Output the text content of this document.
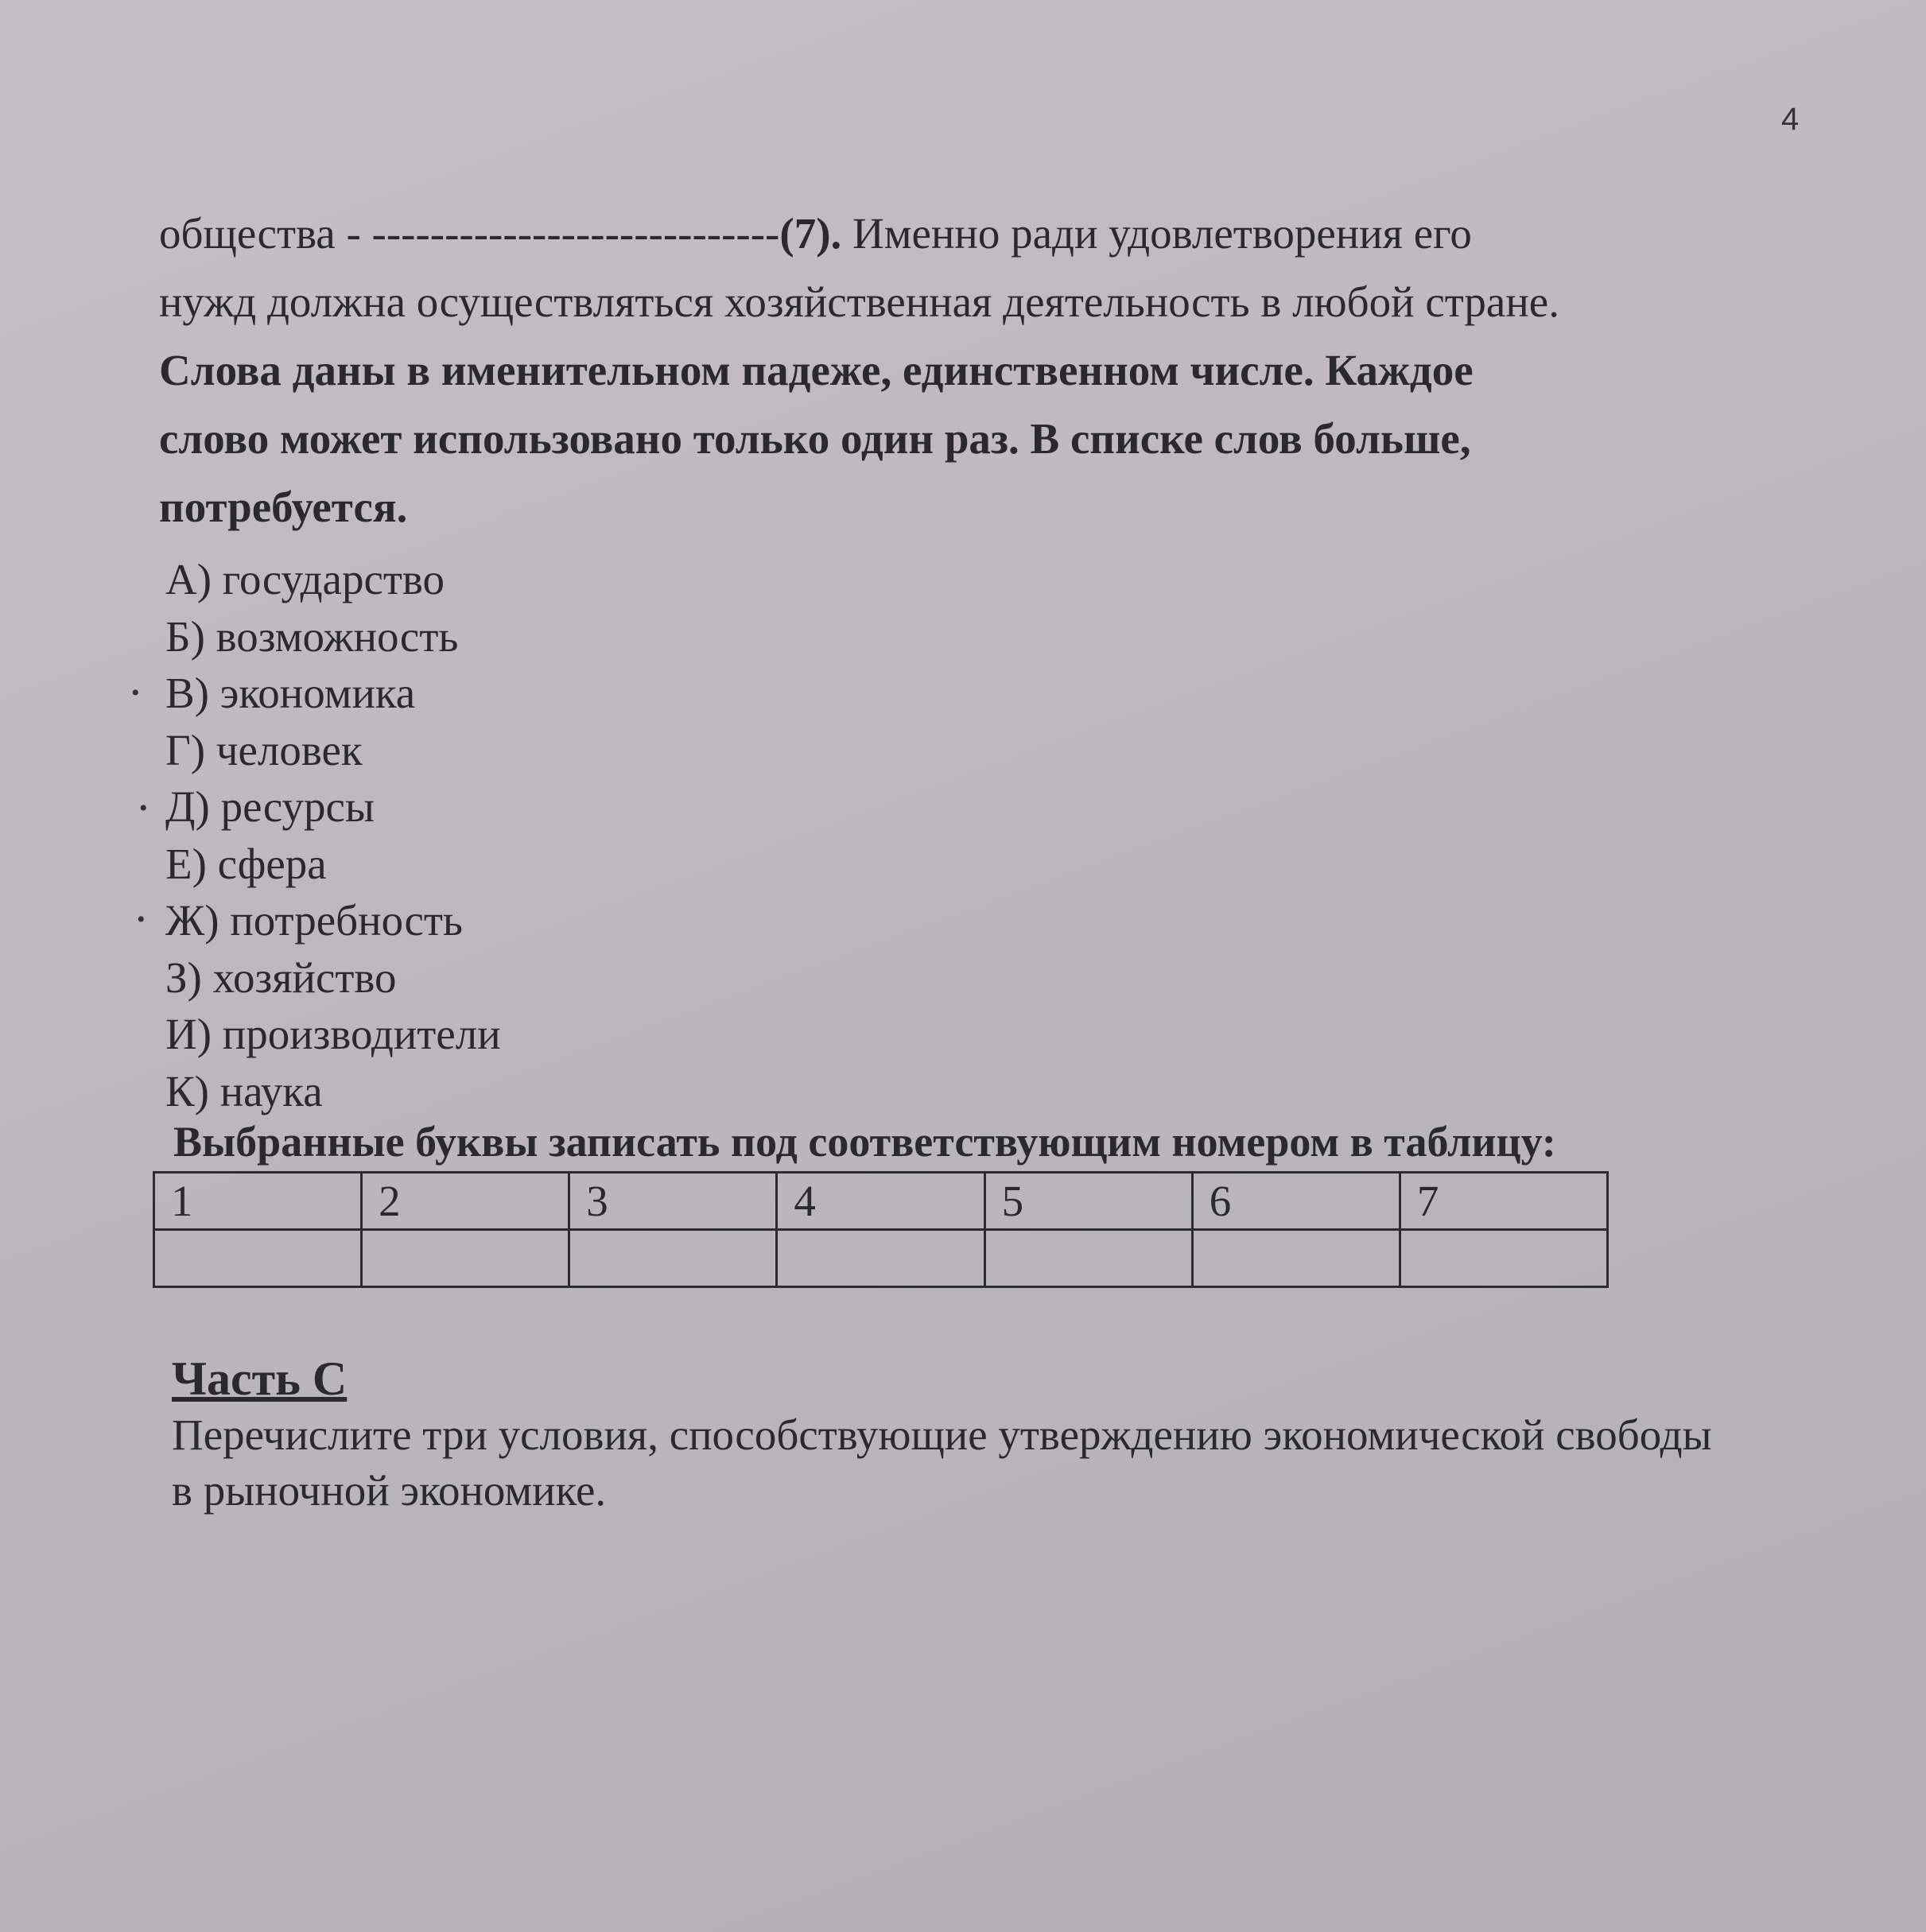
4
общества - ----------------------------(7). Именно ради удовлетворения его
нужд должна осуществляться хозяйственная деятельность в любой стране.
Слова даны в именительном падеже, единственном числе. Каждое
слово может использовано только один раз. В списке слов больше,
потребуется.
•
•
•
А) государство
Б) возможность
В) экономика
Г) человек
Д) ресурсы
Е) сфера
Ж) потребность
З) хозяйство
И) производители
К) наука
Выбранные буквы записать под соответствующим номером в таблицу:
1	2	3	4	5	6	7

Часть С
Перечислите три условия, способствующие утверждению экономической свободы в рыночной экономике.
